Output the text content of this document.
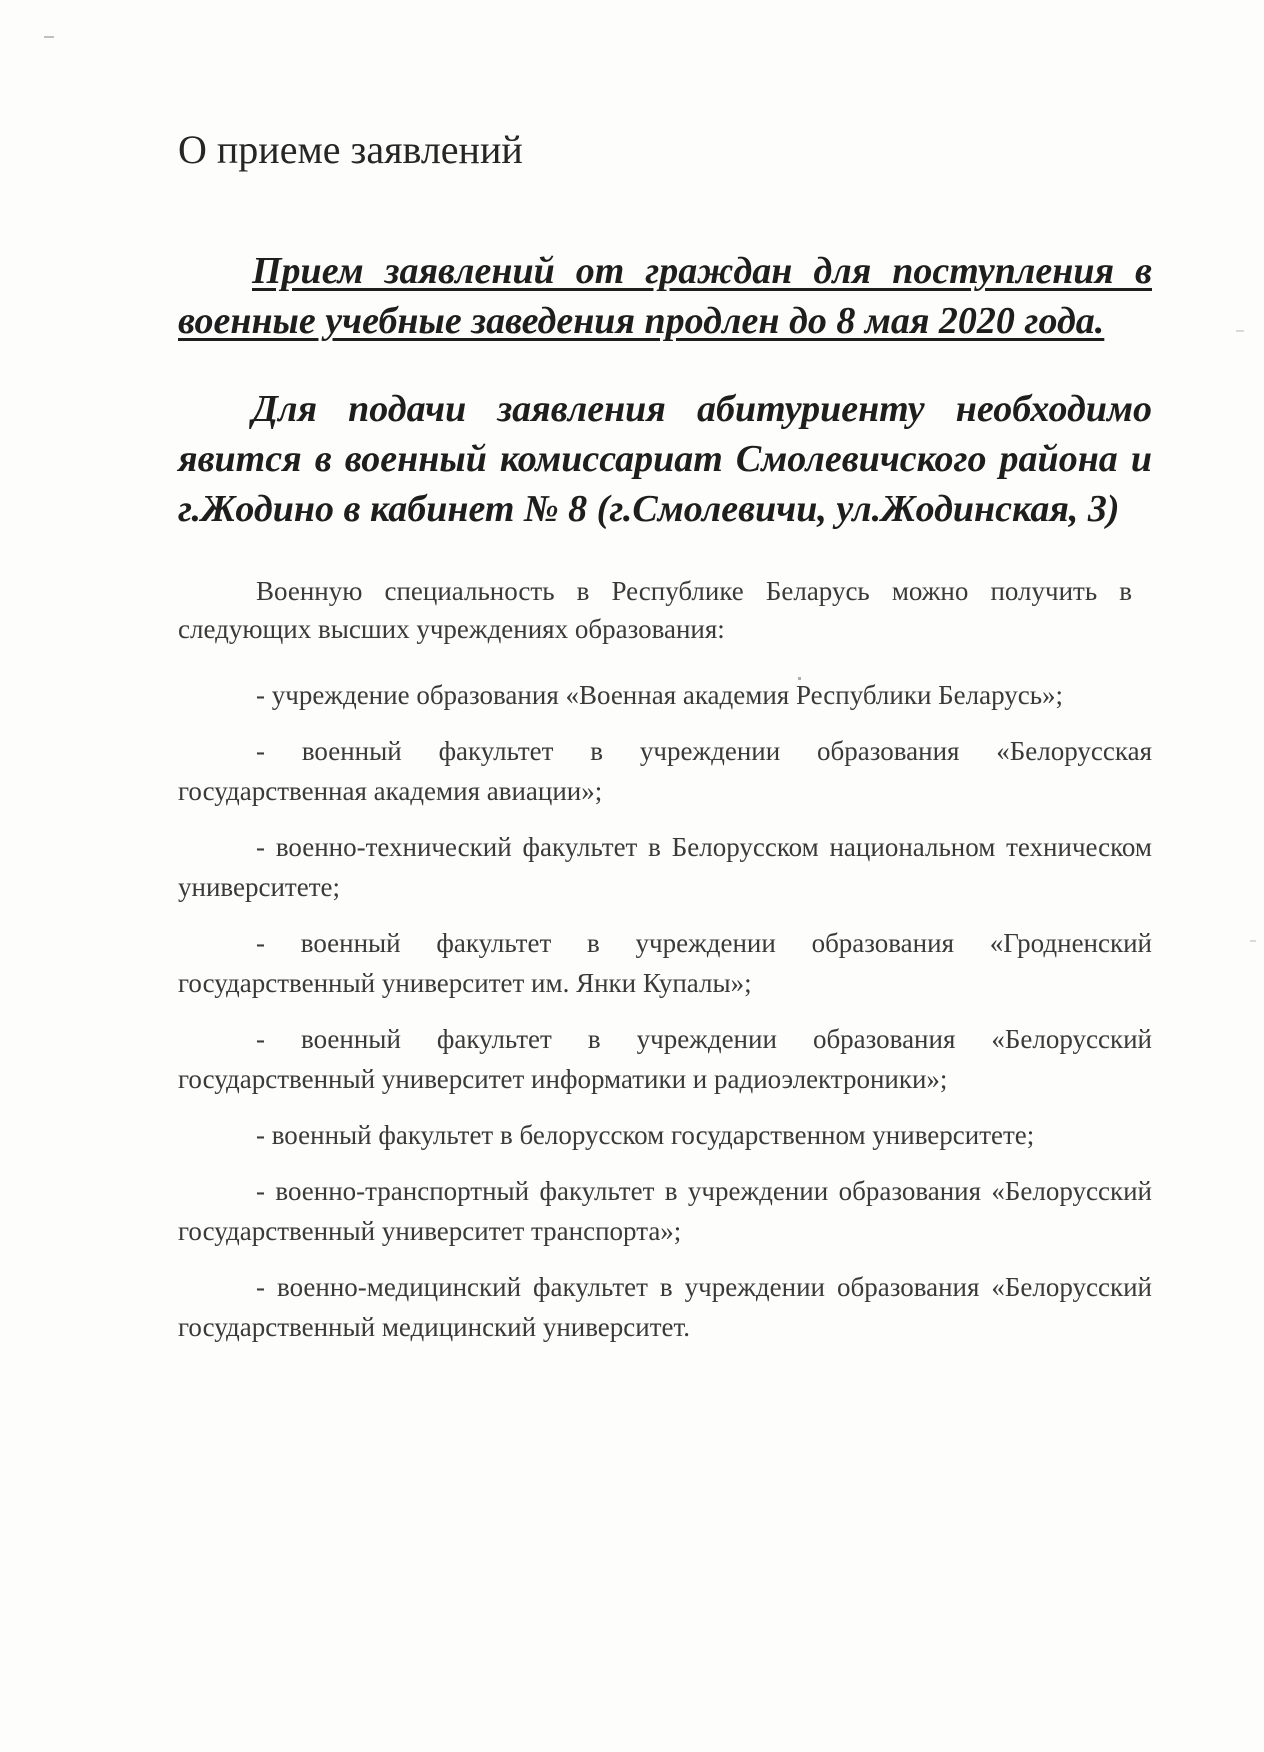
О приеме заявлений

Прием заявлений от граждан для поступления в военные учебные заведения продлен до 8 мая 2020 года.

Для подачи заявления абитуриенту необходимо явится в военный комиссариат Смолевичского района и г.Жодино в кабинет № 8 (г.Смолевичи, ул.Жодинская, 3)

Военную специальность в Республике Беларусь можно получить в следующих высших учреждениях образования:

- учреждение образования «Военная академия Республики Беларусь»;
- военный факультет в учреждении образования «Белорусская государственная академия авиации»;
- военно-технический факультет в Белорусском национальном техническом университете;
- военный факультет в учреждении образования «Гродненский государственный университет им. Янки Купалы»;
- военный факультет в учреждении образования «Белорусский государственный университет информатики и радиоэлектроники»;
- военный факультет в белорусском государственном университете;
- военно-транспортный факультет в учреждении образования «Белорусский государственный университет транспорта»;
- военно-медицинский факультет в учреждении образования «Белорусский государственный медицинский университет.
